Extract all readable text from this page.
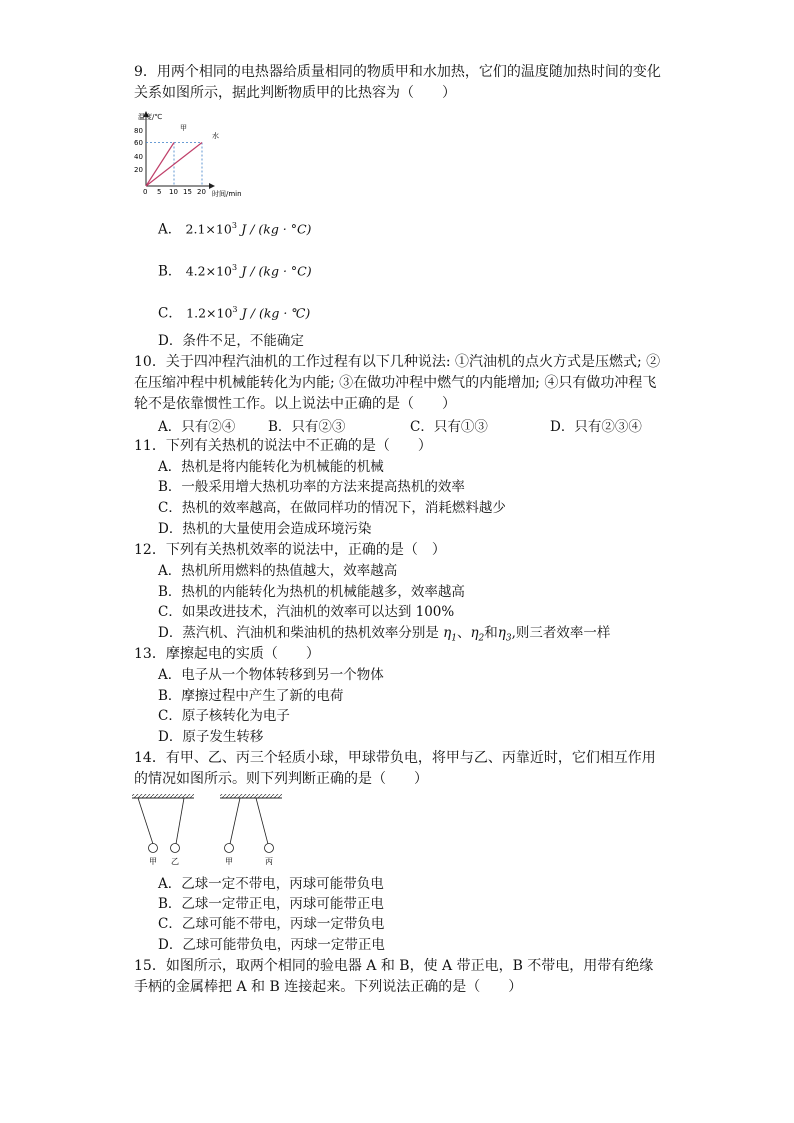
9．用两个相同的电热器给质量相同的物质甲和水加热，它们的温度随加热时间的变化关系如图所示，据此判断物质甲的比热容为（　　）
温度/℃
时间/min
甲
水
80
60
40
20
0 5 10 15 20
A． $2.1\times 10^3$ J / (kg · °C)
B． $4.2\times 10^3$ J / (kg · °C)
C． $1.2\times 10^3$ J / (kg · ℃)
D．条件不足，不能确定
10．关于四冲程汽油机的工作过程有以下几种说法: ①汽油机的点火方式是压燃式; ②在压缩冲程中机械能转化为内能; ③在做功冲程中燃气的内能增加; ④只有做功冲程飞轮不是依靠惯性工作。以上说法中正确的是（　　）
A．只有②④ B．只有②③	C．只有①③	D．只有②③④
11．下列有关热机的说法中不正确的是（　　）
A．热机是将内能转化为机械能的机械
B．一般采用增大热机功率的方法来提高热机的效率
C．热机的效率越高，在做同样功的情况下，消耗燃料越少
D．热机的大量使用会造成环境污染
12．下列有关热机效率的说法中，正确的是（　）
A．热机所用燃料的热值越大，效率越高
B．热机的内能转化为热机的机械能越多，效率越高
C．如果改进技术，汽油机的效率可以达到 100%
D．蒸汽机、汽油机和柴油机的热机效率分别是 $\eta_1$、$\eta_2$和$\eta_3$,则三者效率一样
13．摩擦起电的实质（　　）
A．电子从一个物体转移到另一个物体
B．摩擦过程中产生了新的电荷
C．原子核转化为电子
D．原子发生转移
14．有甲、乙、丙三个轻质小球，甲球带负电，将甲与乙、丙靠近时，它们相互作用的情况如图所示。则下列判断正确的是（　　）
甲 乙	甲	丙
A．乙球一定不带电，丙球可能带负电
B．乙球一定带正电，丙球可能带正电
C．乙球可能不带电，丙球一定带负电
D．乙球可能带负电，丙球一定带正电
15．如图所示，取两个相同的验电器 A 和 B，使 A 带正电，B 不带电，用带有绝缘手柄的金属棒把 A 和 B 连接起来。下列说法正确的是（　　）
